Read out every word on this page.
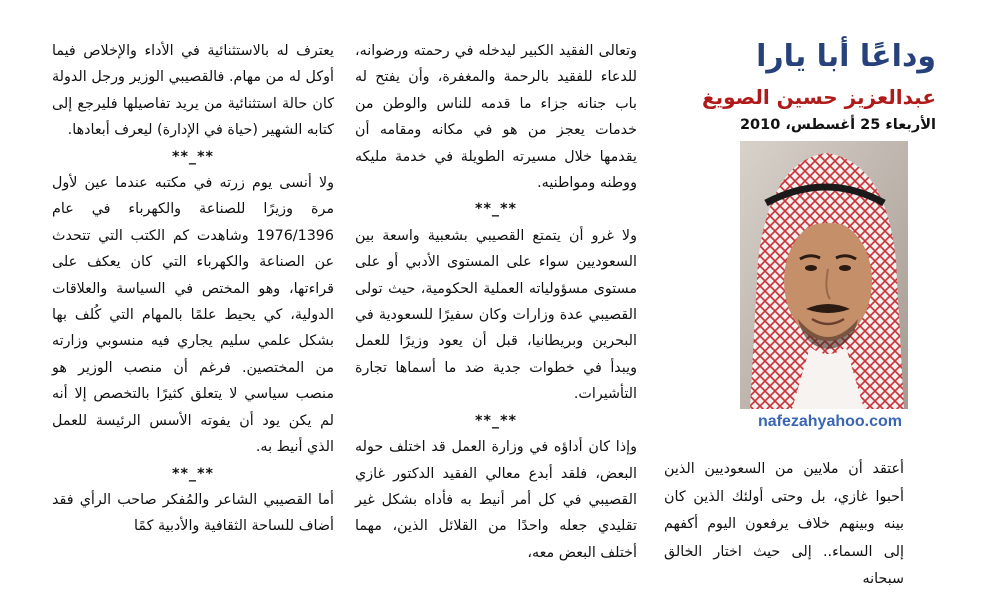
وداعًا أبا يارا
عبدالعزيز حسين الصويغ
الأربعاء 25 أغسطس، 2010
nafezahyahoo.com

أعتقد أن ملايين من السعوديين الذين أحبوا غازي، بل وحتى أولئك الذين كان بينه وبينهم خلاف يرفعون اليوم أكفهم إلى السماء.. إلى حيث اختار الخالق سبحانه

وتعالى الفقيد الكبير ليدخله في رحمته ورضوانه، للدعاء للفقيد بالرحمة والمغفرة، وأن يفتح له باب جنانه جزاء ما قدمه للناس والوطن من خدمات يعجز من هو في مكانه ومقامه أن يقدمها خلال مسيرته الطويلة في خدمة مليكه ووطنه ومواطنيه.

**_**

ولا غرو أن يتمتع القصيبي بشعبية واسعة بين السعوديين سواء على المستوى الأدبي أو على مستوى مسؤولياته العملية الحكومية، حيث تولى القصيبي عدة وزارات وكان سفيرًا للسعودية في البحرين وبريطانيا، قبل أن يعود وزيرًا للعمل ويبدأ في خطوات جدية ضد ما أسماها تجارة التأشيرات.

**_**

وإذا كان أداؤه في وزارة العمل قد اختلف حوله البعض، فلقد أبدع معالي الفقيد الدكتور غازي القصيبي في كل أمر أنيط به فأداه بشكل غير تقليدي جعله واحدًا من القلائل الذين، مهما أختلف البعض معه،

يعترف له بالاستثنائية في الأداء والإخلاص فيما أوكل له من مهام. فالقصيبي الوزير ورجل الدولة كان حالة استثنائية من يريد تفاصيلها فليرجع إلى كتابه الشهير (حياة في الإدارة) ليعرف أبعادها.

**_**

ولا أنسى يوم زرته في مكتبه عندما عين لأول مرة وزيرًا للصناعة والكهرباء في عام 1976/1396 وشاهدت كم الكتب التي تتحدث عن الصناعة والكهرباء التي كان يعكف على قراءتها، وهو المختص في السياسة والعلاقات الدولية، كي يحيط علمًا بالمهام التي كُلف بها بشكل علمي سليم يجاري فيه منسوبي وزارته من المختصين. فرغم أن منصب الوزير هو منصب سياسي لا يتعلق كثيرًا بالتخصص إلا أنه لم يكن يود أن يفوته الأسس الرئيسة للعمل الذي أنيط به.

**_**

أما القصيبي الشاعر والمُفكر صاحب الرأي فقد أضاف للساحة الثقافية والأدبية كمًا
